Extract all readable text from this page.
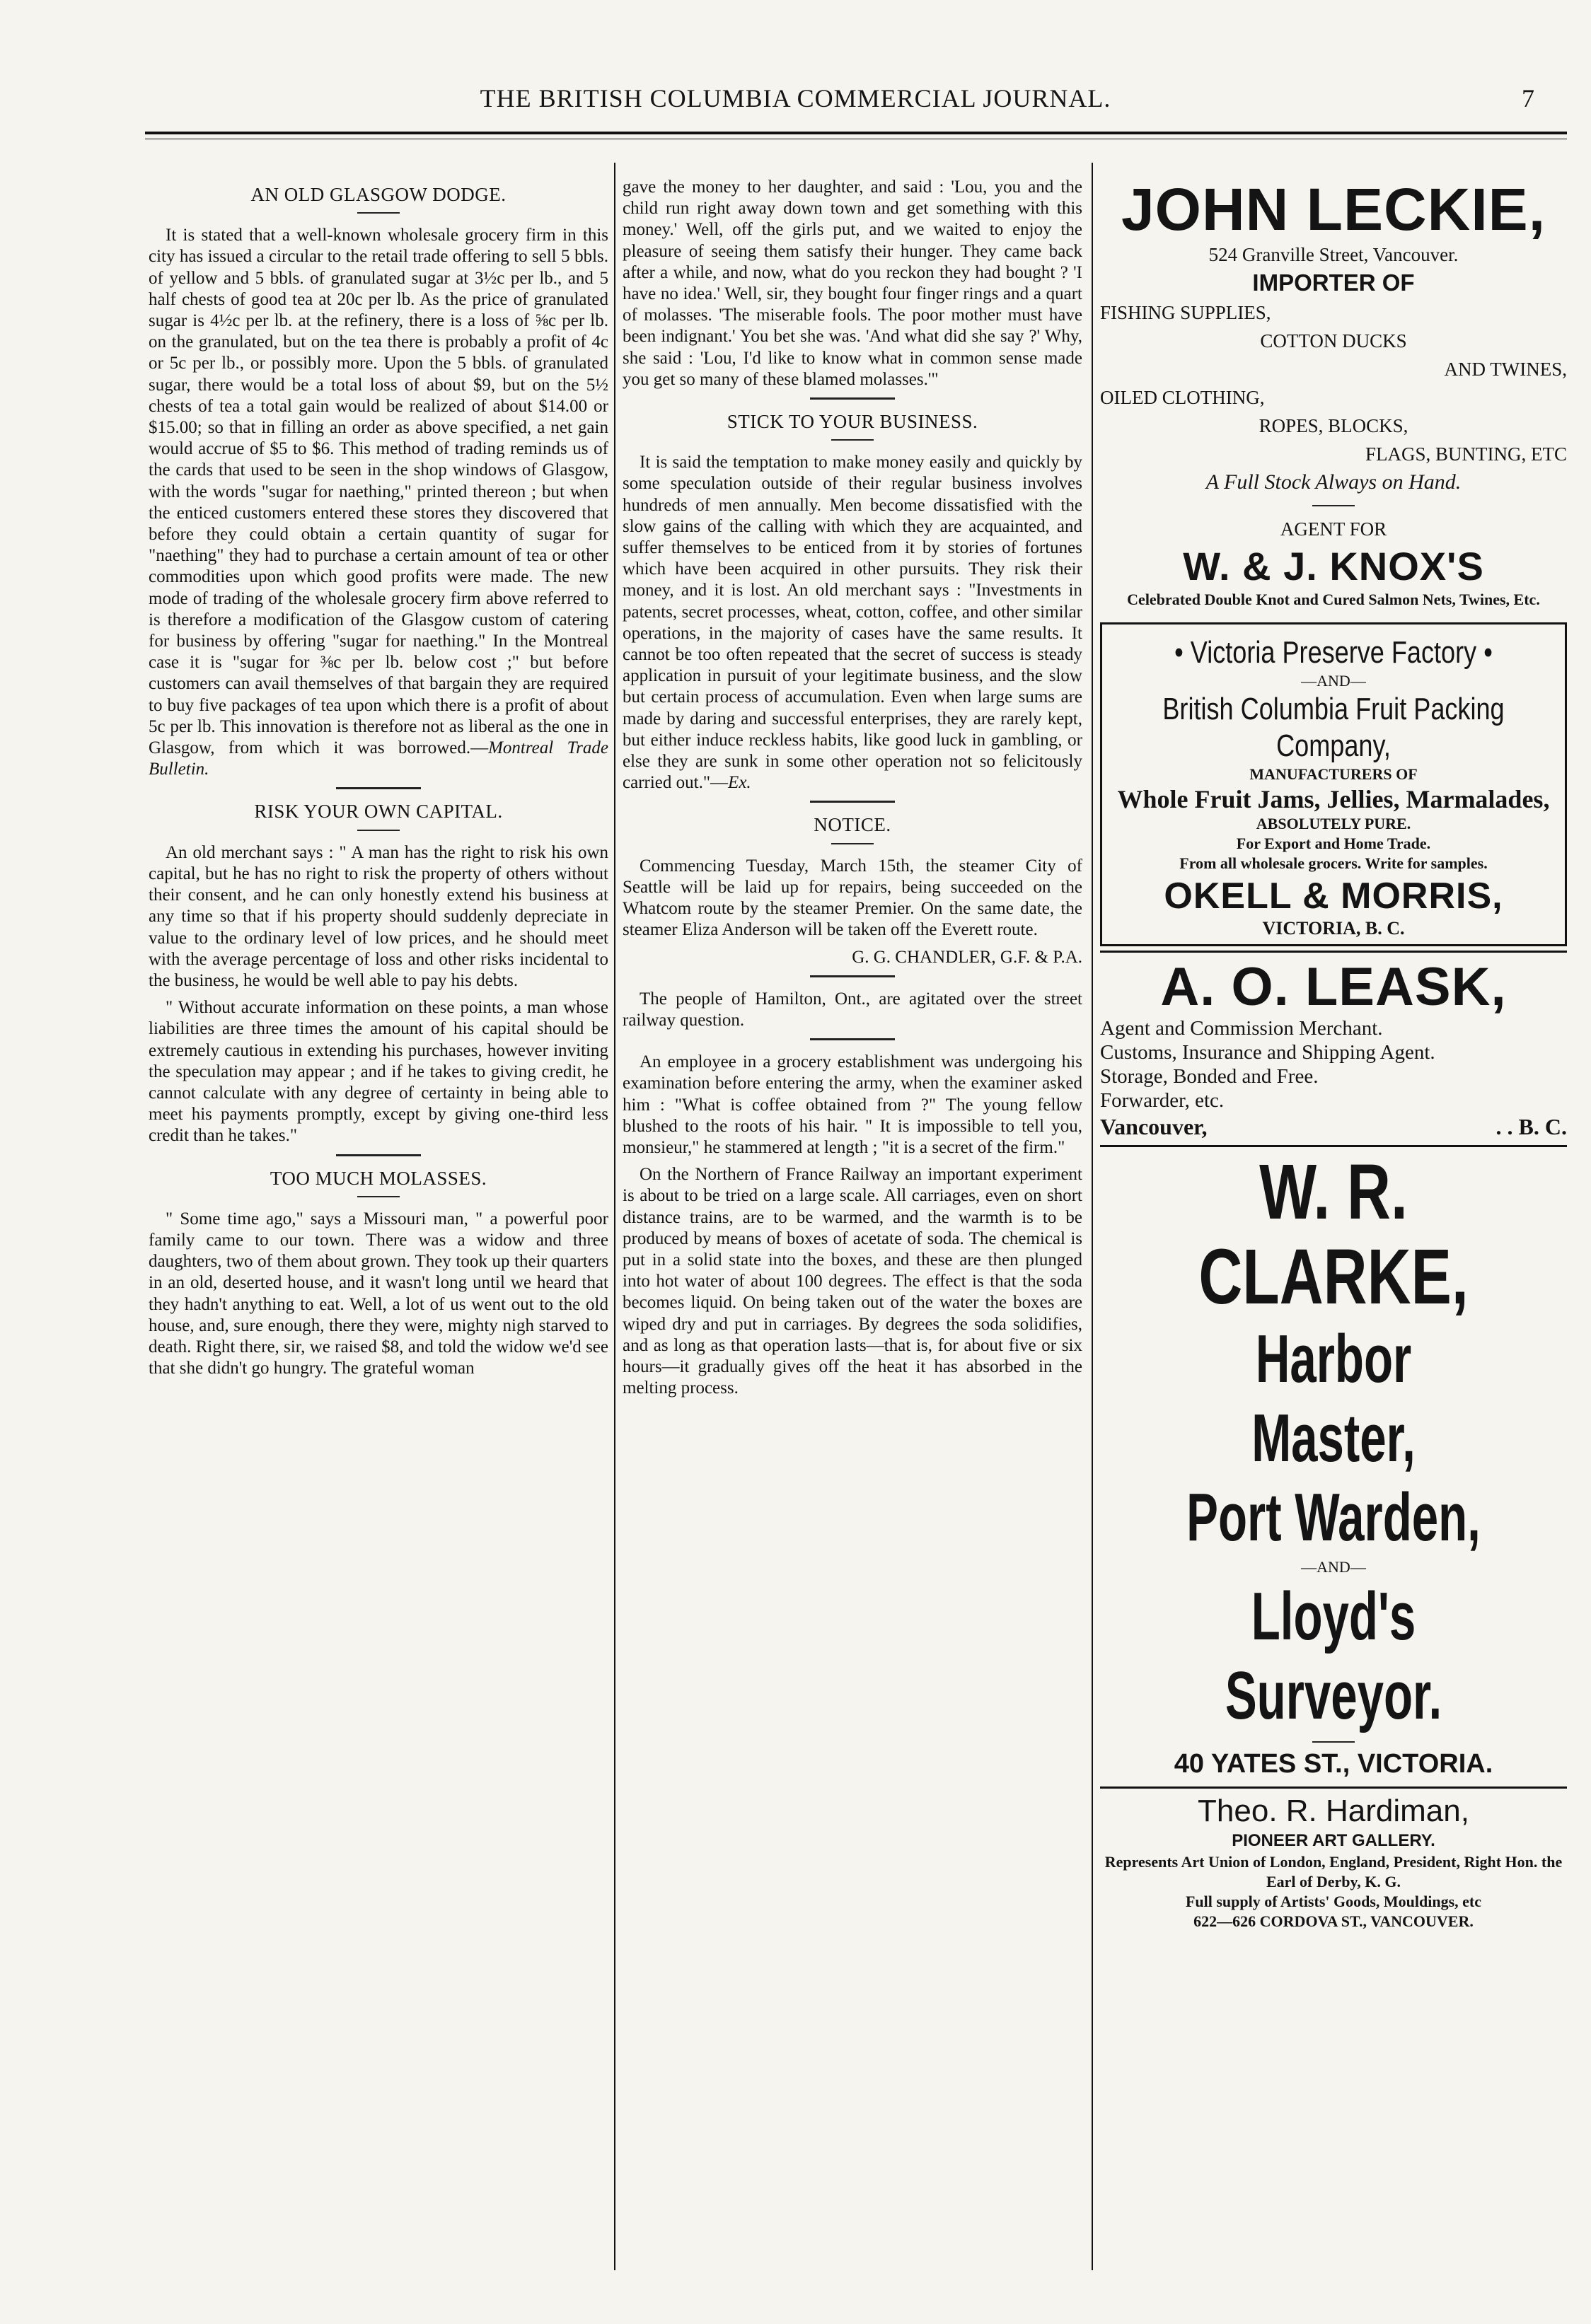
THE BRITISH COLUMBIA COMMERCIAL JOURNAL.	7
AN OLD GLASGOW DODGE.

It is stated that a well-known wholesale grocery firm in this city has issued a circular to the retail trade offering to sell 5 bbls. of yellow and 5 bbls. of granulated sugar at 3½c per lb., and 5 half chests of good tea at 20c per lb. As the price of granulated sugar is 4½c per lb. at the refinery, there is a loss of ⅝c per lb. on the granulated, but on the tea there is probably a profit of 4c or 5c per lb., or possibly more. Upon the 5 bbls. of granulated sugar, there would be a total loss of about $9, but on the 5½ chests of tea a total gain would be realized of about $14.00 or $15.00; so that in filling an order as above specified, a net gain would accrue of $5 to $6. This method of trading reminds us of the cards that used to be seen in the shop windows of Glasgow, with the words "sugar for naething," printed thereon ; but when the enticed customers entered these stores they discovered that before they could obtain a certain quantity of sugar for "naething" they had to purchase a certain amount of tea or other commodities upon which good profits were made. The new mode of trading of the wholesale grocery firm above referred to is therefore a modification of the Glasgow custom of catering for business by offering "sugar for naething." In the Montreal case it is "sugar for ⅜c per lb. below cost ;" but before customers can avail themselves of that bargain they are required to buy five packages of tea upon which there is a profit of about 5c per lb. This innovation is therefore not as liberal as the one in Glasgow, from which it was borrowed.—Montreal Trade Bulletin.

RISK YOUR OWN CAPITAL.

An old merchant says : " A man has the right to risk his own capital, but he has no right to risk the property of others without their consent, and he can only honestly extend his business at any time so that if his property should suddenly depreciate in value to the ordinary level of low prices, and he should meet with the average percentage of loss and other risks incidental to the business, he would be well able to pay his debts.

" Without accurate information on these points, a man whose liabilities are three times the amount of his capital should be extremely cautious in extending his purchases, however inviting the speculation may appear ; and if he takes to giving credit, he cannot calculate with any degree of certainty in being able to meet his payments promptly, except by giving one-third less credit than he takes."

TOO MUCH MOLASSES.

" Some time ago," says a Missouri man, " a powerful poor family came to our town. There was a widow and three daughters, two of them about grown. They took up their quarters in an old, deserted house, and it wasn't long until we heard that they hadn't anything to eat. Well, a lot of us went out to the old house, and, sure enough, there they were, mighty nigh starved to death. Right there, sir, we raised $8, and told the widow we'd see that she didn't go hungry. The grateful woman

gave the money to her daughter, and said : 'Lou, you and the child run right away down town and get something with this money.' Well, off the girls put, and we waited to enjoy the pleasure of seeing them satisfy their hunger. They came back after a while, and now, what do you reckon they had bought ? 'I have no idea.' Well, sir, they bought four finger rings and a quart of molasses. 'The miserable fools. The poor mother must have been indignant.' You bet she was. 'And what did she say ?' Why, she said : 'Lou, I'd like to know what in common sense made you get so many of these blamed molasses.'"

STICK TO YOUR BUSINESS.

It is said the temptation to make money easily and quickly by some speculation outside of their regular business involves hundreds of men annually. Men become dissatisfied with the slow gains of the calling with which they are acquainted, and suffer themselves to be enticed from it by stories of fortunes which have been acquired in other pursuits. They risk their money, and it is lost. An old merchant says : "Investments in patents, secret processes, wheat, cotton, coffee, and other similar operations, in the majority of cases have the same results. It cannot be too often repeated that the secret of success is steady application in pursuit of your legitimate business, and the slow but certain process of accumulation. Even when large sums are made by daring and successful enterprises, they are rarely kept, but either induce reckless habits, like good luck in gambling, or else they are sunk in some other operation not so felicitously carried out."—Ex.

NOTICE.

Commencing Tuesday, March 15th, the steamer City of Seattle will be laid up for repairs, being succeeded on the Whatcom route by the steamer Premier. On the same date, the steamer Eliza Anderson will be taken off the Everett route.

G. G. CHANDLER, G.F. & P.A.

The people of Hamilton, Ont., are agitated over the street railway question.

An employee in a grocery establishment was undergoing his examination before entering the army, when the examiner asked him : "What is coffee obtained from ?" The young fellow blushed to the roots of his hair. " It is impossible to tell you, monsieur," he stammered at length ; "it is a secret of the firm."

On the Northern of France Railway an important experiment is about to be tried on a large scale. All carriages, even on short distance trains, are to be warmed, and the warmth is to be produced by means of boxes of acetate of soda. The chemical is put in a solid state into the boxes, and these are then plunged into hot water of about 100 degrees. The effect is that the soda becomes liquid. On being taken out of the water the boxes are wiped dry and put in carriages. By degrees the soda solidifies, and as long as that operation lasts—that is, for about five or six hours—it gradually gives off the heat it has absorbed in the melting process.

JOHN LECKIE,
524 Granville Street, Vancouver.
IMPORTER OF
FISHING SUPPLIES,
COTTON DUCKS
AND TWINES,
OILED CLOTHING,
ROPES, BLOCKS,
FLAGS, BUNTING, ETC
A Full Stock Always on Hand.
AGENT FOR
W. & J. KNOX'S
Celebrated Double Knot and Cured Salmon Nets, Twines, Etc.
• Victoria Preserve Factory •
—AND—
British Columbia Fruit Packing Company,
MANUFACTURERS OF
Whole Fruit Jams, Jellies, Marmalades,
ABSOLUTELY PURE.
For Export and Home Trade.
From all wholesale grocers. Write for samples.
OKELL & MORRIS,
VICTORIA, B. C.
A. O. LEASK,
Agent and Commission Merchant.
Customs, Insurance and Shipping Agent.
Storage, Bonded and Free.
Forwarder, etc.
Vancouver,	. . B. C.
W. R. CLARKE,
Harbor Master,
Port Warden,
—AND—
Lloyd's Surveyor.
40 YATES ST., VICTORIA.
Theo. R. Hardiman,
PIONEER ART GALLERY.
Represents Art Union of London, England, President, Right Hon. the Earl of Derby, K. G.
Full supply of Artists' Goods, Mouldings, etc
622—626 CORDOVA ST., VANCOUVER.
